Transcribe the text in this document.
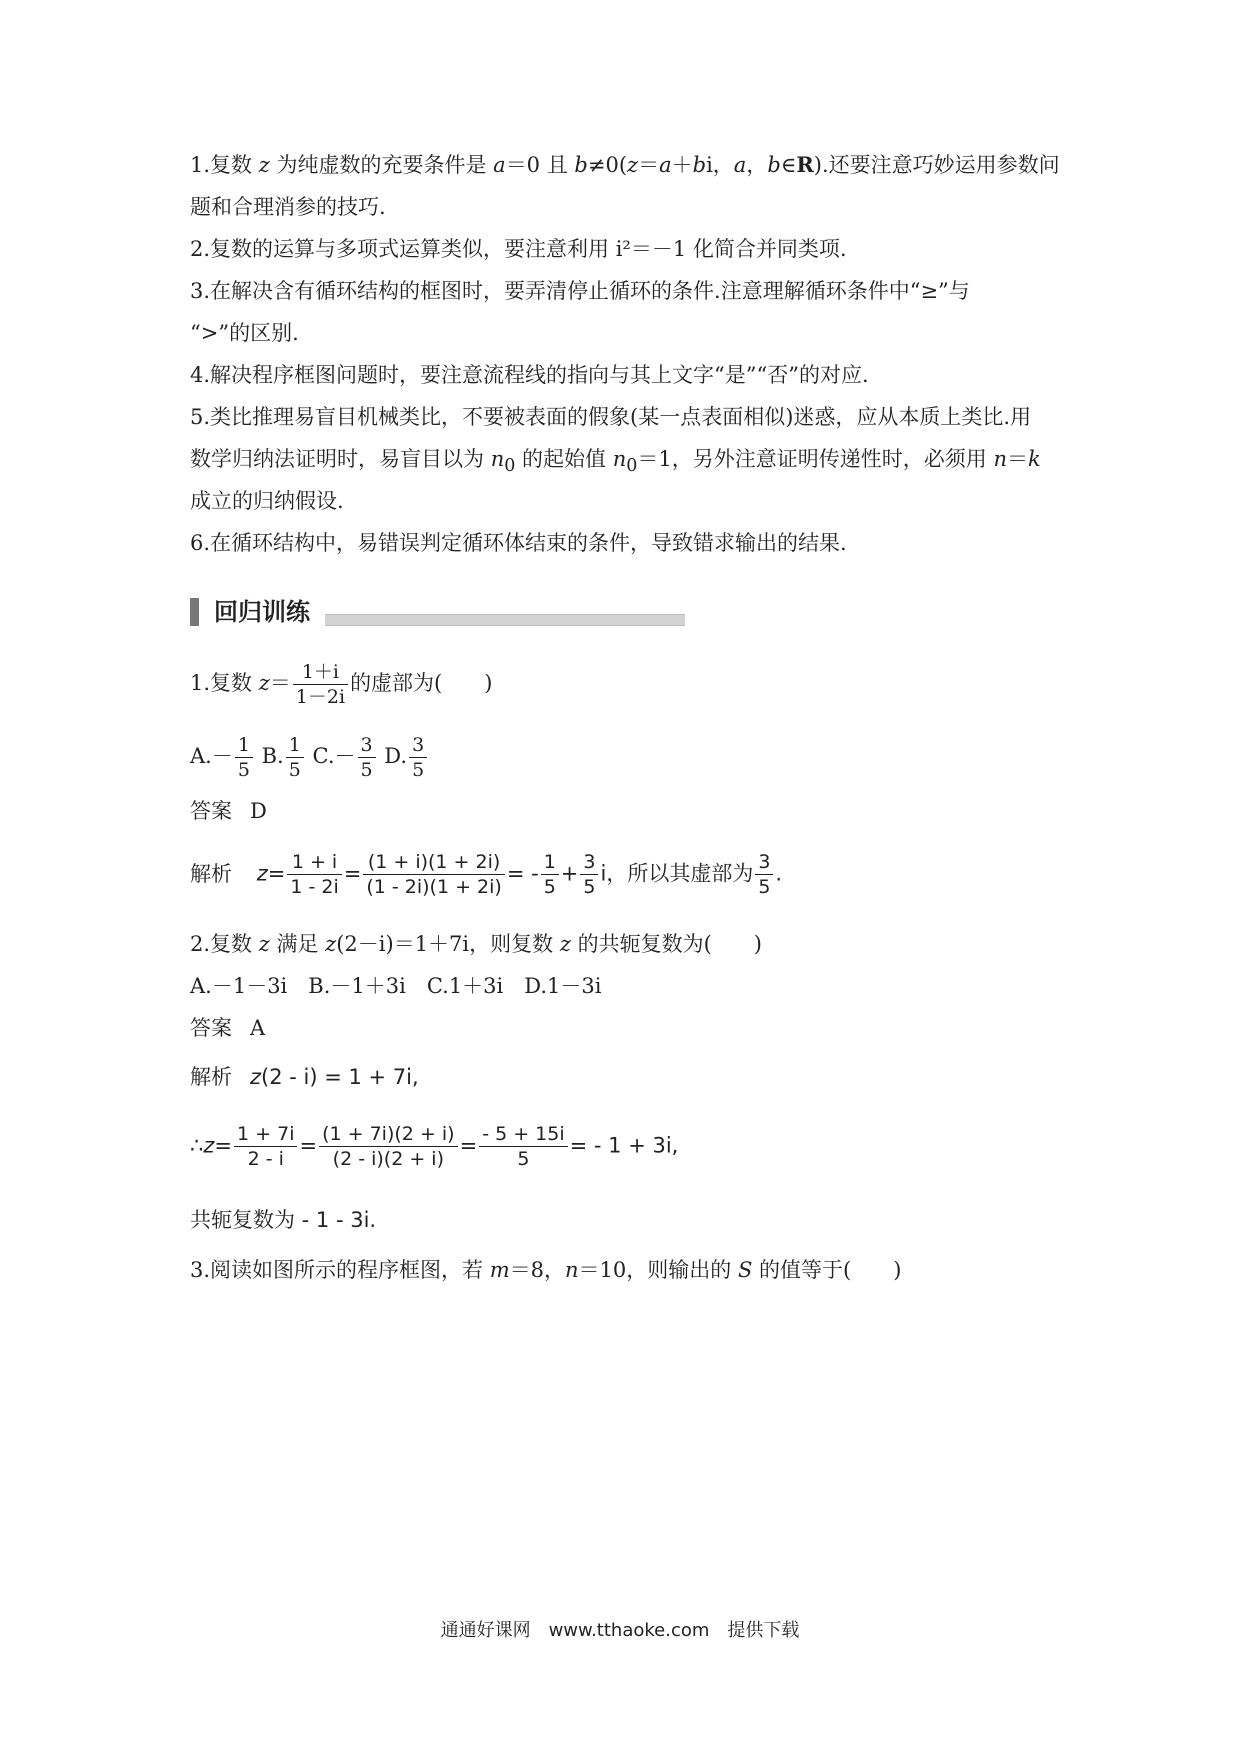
1.复数 z 为纯虚数的充要条件是 a＝0 且 b≠0(z＝a＋bi，a，b∈R).还要注意巧妙运用参数问
题和合理消参的技巧.
2.复数的运算与多项式运算类似，要注意利用 i²＝－1 化简合并同类项.
3.在解决含有循环结构的框图时，要弄清停止循环的条件.注意理解循环条件中“≥”与
“>”的区别.
4.解决程序框图问题时，要注意流程线的指向与其上文字“是”“否”的对应.
5.类比推理易盲目机械类比，不要被表面的假象(某一点表面相似)迷惑，应从本质上类比.用
数学归纳法证明时，易盲目以为 $n_0$ 的起始值 $n_0=1$，另外注意证明传递性时，必须用 n＝k
成立的归纳假设.
6.在循环结构中，易错误判定循环体结束的条件，导致错求输出的结果.
回归训练
1.复数 $z= \frac{1+i}{1-2i}$ 的虚部为(　　)
$A.- \frac{1}{5} B$. $\frac{1}{5} C.- \frac{3}{5} D$. $\frac{3}{5}$
答案 D
解析 $z= \frac{1 + i}{1 - 2i} = \frac{(1 + i)(1 + 2i)}{(1 - 2i)(1 + 2i)}$ = - $\frac{1}{5} + \frac{3}{5}$ i，所以其虚部为 $\frac{3}{5}$ .
2.复数 z 满足 z(2－i)＝1＋7i，则复数 z 的共轭复数为(　　)
A.－1－3i　B.－1＋3i　C.1＋3i　D.1－3i
答案 A
解析 z(2 - i) = 1 + 7i,
∴z= $\frac{1 + 7i}{2 - i} = \frac{(1 + 7i)(2 + i)}{(2 - i)(2 + i)} = \frac{- 5 + 15i}{5}$ = - 1 + 3i,
共轭复数为 - 1 - 3i.
3.阅读如图所示的程序框图，若 m＝8，n＝10，则输出的 S 的值等于(　　)
通通好课网　www.tthaoke.com　提供下载
